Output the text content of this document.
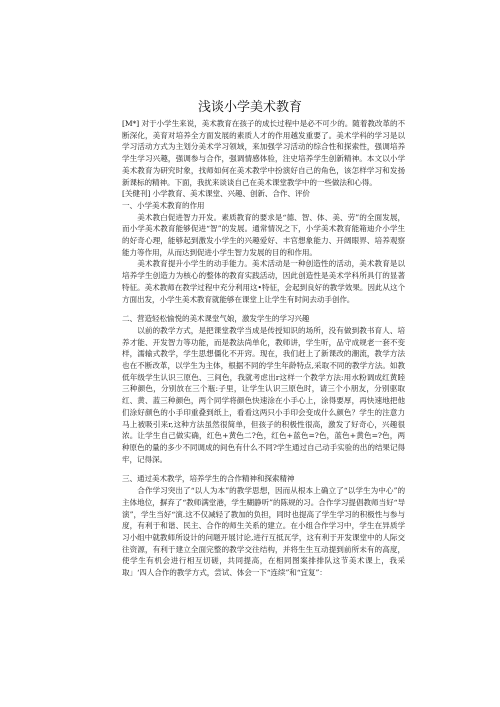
浅谈小学美术教育

[M*] 对于小学生来说，美术教育在孩子的成长过程中是必不可少的。随着教改革的不断深化，美育对培养全方面发展的素质人才的作用越发重要了。美术学科的学习是以学习活动方式为主划分美术学习领域，来加强学习活动的综合性和探索性，强调培养学生学习兴趣，强调参与合作，强调情感体验，注史培养学生创新精神。本文以小学美术教育为研究时象，找师如何在美术教学中扮演好自己的角色，该怎样学习和发扬新课标的精神。下面，我扰来谈谈自己在美术课堂教学中的一些做法和心得。

[关健刊] 小学教育、美术课堂、兴趣、创新、合作、评价

一、小学美术教育的作用

美术教白促进智力开发。素质教育的要求是“德、智、体、美、劳”的全面发展，而小学美术教育能够促进“智”的发展。通常情况之下，小学美术教育能箱迪介小学生的好奇心理，能够起到激发小学生的兴趣爱好、丰官想象能力、开阔眼界、培养观察能力等作用，从而达到促进小学生智力发展的目的和作用。

美术教育提升小学生的动手能力。美术活动是一种创造性的活动，美术教育是以培养学生创造力为核心的整体的教育实践活动，因此创造性是美术学科所具仃的显著特征。美术教师在教学过程中充分利用这•特征，会起到良好的教学效果。因此从这个方面出发，小学生美术教育就能够在课堂上让学生有时间去动手创作。

二、营造轻松愉悦的美术课堂气娘，激发学生的学习兴趣

以前的教学方式，是把课堂教学当成是传授知识的场所，没有做到教书育人、培养才能、开发智力等功能，而是教法尚单化，教师讲，学生听，品守成规老一套不变样，濡输式教学，学生思想僵化不开窍。现在，我们赶上了新课改的潮流，教学方法也在不断改革，以学生为主体，根据不同的学生年龄特点,采取不同的教学方法。如教低年级学生认识三原色、三间色，我就考虑出r这样一个教学方法:用水粉调成红黄睦三种颜色，分别放在三个瓶:子里，让学生认识三原色时，请三个小朋友，分别驱取红、黄、蓝三种颜色，两个同学将颜色快速涂在小手心上，涂得要厚，再快速地把他们涂好颜色的小手印重叠到纸上，看看这两只小手印会变成什么颜色？学生的注意力马上被吸引来r,这种方法虽然很简单，但孩子的积极性很高，激发了好奇心，兴趣很浓。让学生自己做实确，红色+黄色二?色，红色+蓝色=?色，蓝色+黄色=?色，两种原色的量的多少不同调成的间色有什么不同?学生通过自己动手实验的出的结果记得牢，记得深。

三、通过美术教学，培养学生的合作精神和探索精神

合作学习突出了“以人为本”的教学思想，因而从根本上确立了“以学生为中心”的主体地位，摒弃了“教师满堂港，学生糊静听”的陈规的习。合作学习提倡教师当好“导演”，学生当好“演.这不仅减轻了教加的负担，同时也提高了学生学习的积极性与参与度，有利于和谐、民主、合作的师生关系的建立。在小组合作学习中，学生在异质学习小组中就教师所设计的问题开展讨论,进行互抵瓦学，这有利于开发课堂中的人际交往资源，有利于建立全面完整的教学交往结构，并将生生互动提到前所未有的高度，使学生有机会进行相互切磋，共同提高，在相同图案排排队这节美术课上，我采取」‘四人合作的教学方式，尝试、体会一下“连续”和“宜复”：
